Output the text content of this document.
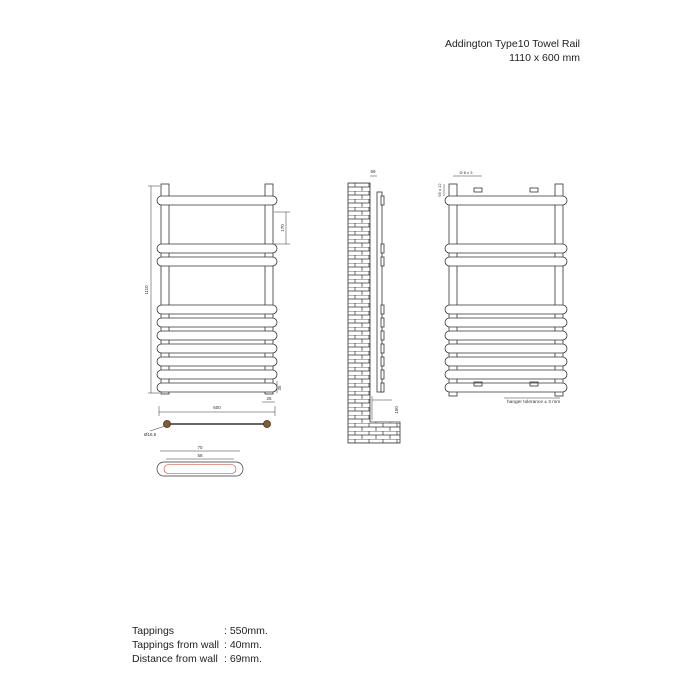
Addington Type10 Towel Rail
1110 x 600 mm
1110
170
35
25
600
Ø16.5
70
58
69
150
Ø 8 x 3
65 x 12
hanger tolerance ± 3 mm
Tappings	: 550mm.
Tappings from wall : 40mm.
Distance from wall : 69mm.
